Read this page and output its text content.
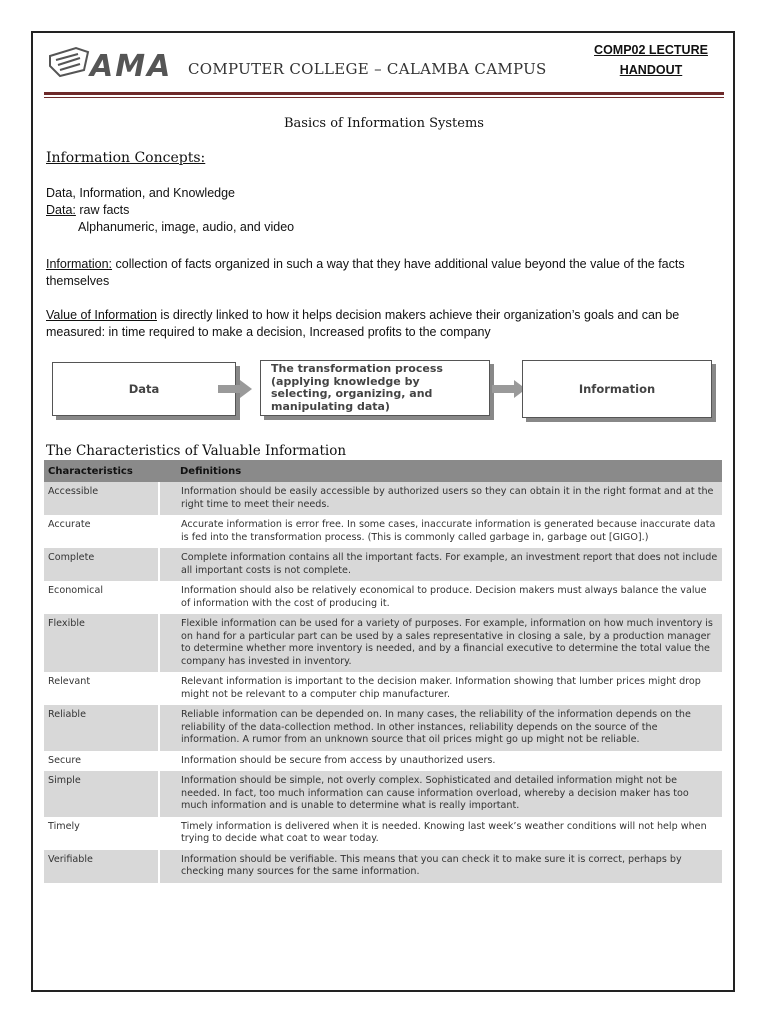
AMA COMPUTER COLLEGE – CALAMBA CAMPUS
COMP02 LECTURE
HANDOUT
Basics of Information Systems
Information Concepts:
Data, Information, and Knowledge
Data: raw facts
Alphanumeric, image, audio, and video
Information: collection of facts organized in such a way that they have additional value beyond the value of the facts themselves
Value of Information is directly linked to how it helps decision makers achieve their organization’s goals and can be measured: in time required to make a decision, Increased profits to the company
Data
The transformation process (applying knowledge by selecting, organizing, and manipulating data)
Information
The Characteristics of Valuable Information
Characteristics	Definitions
Accessible	Information should be easily accessible by authorized users so they can obtain it in the right format and at the right time to meet their needs.
Accurate	Accurate information is error free. In some cases, inaccurate information is generated because inaccurate data is fed into the transformation process. (This is commonly called garbage in, garbage out [GIGO].)
Complete	Complete information contains all the important facts. For example, an investment report that does not include all important costs is not complete.
Economical	Information should also be relatively economical to produce. Decision makers must always balance the value of information with the cost of producing it.
Flexible	Flexible information can be used for a variety of purposes. For example, information on how much inventory is on hand for a particular part can be used by a sales representative in closing a sale, by a production manager to determine whether more inventory is needed, and by a financial executive to determine the total value the company has invested in inventory.
Relevant	Relevant information is important to the decision maker. Information showing that lumber prices might drop might not be relevant to a computer chip manufacturer.
Reliable	Reliable information can be depended on. In many cases, the reliability of the information depends on the reliability of the data-collection method. In other instances, reliability depends on the source of the information. A rumor from an unknown source that oil prices might go up might not be reliable.
Secure	Information should be secure from access by unauthorized users.
Simple	Information should be simple, not overly complex. Sophisticated and detailed information might not be needed. In fact, too much information can cause information overload, whereby a decision maker has too much information and is unable to determine what is really important.
Timely	Timely information is delivered when it is needed. Knowing last week’s weather conditions will not help when trying to decide what coat to wear today.
Verifiable	Information should be verifiable. This means that you can check it to make sure it is correct, perhaps by checking many sources for the same information.
